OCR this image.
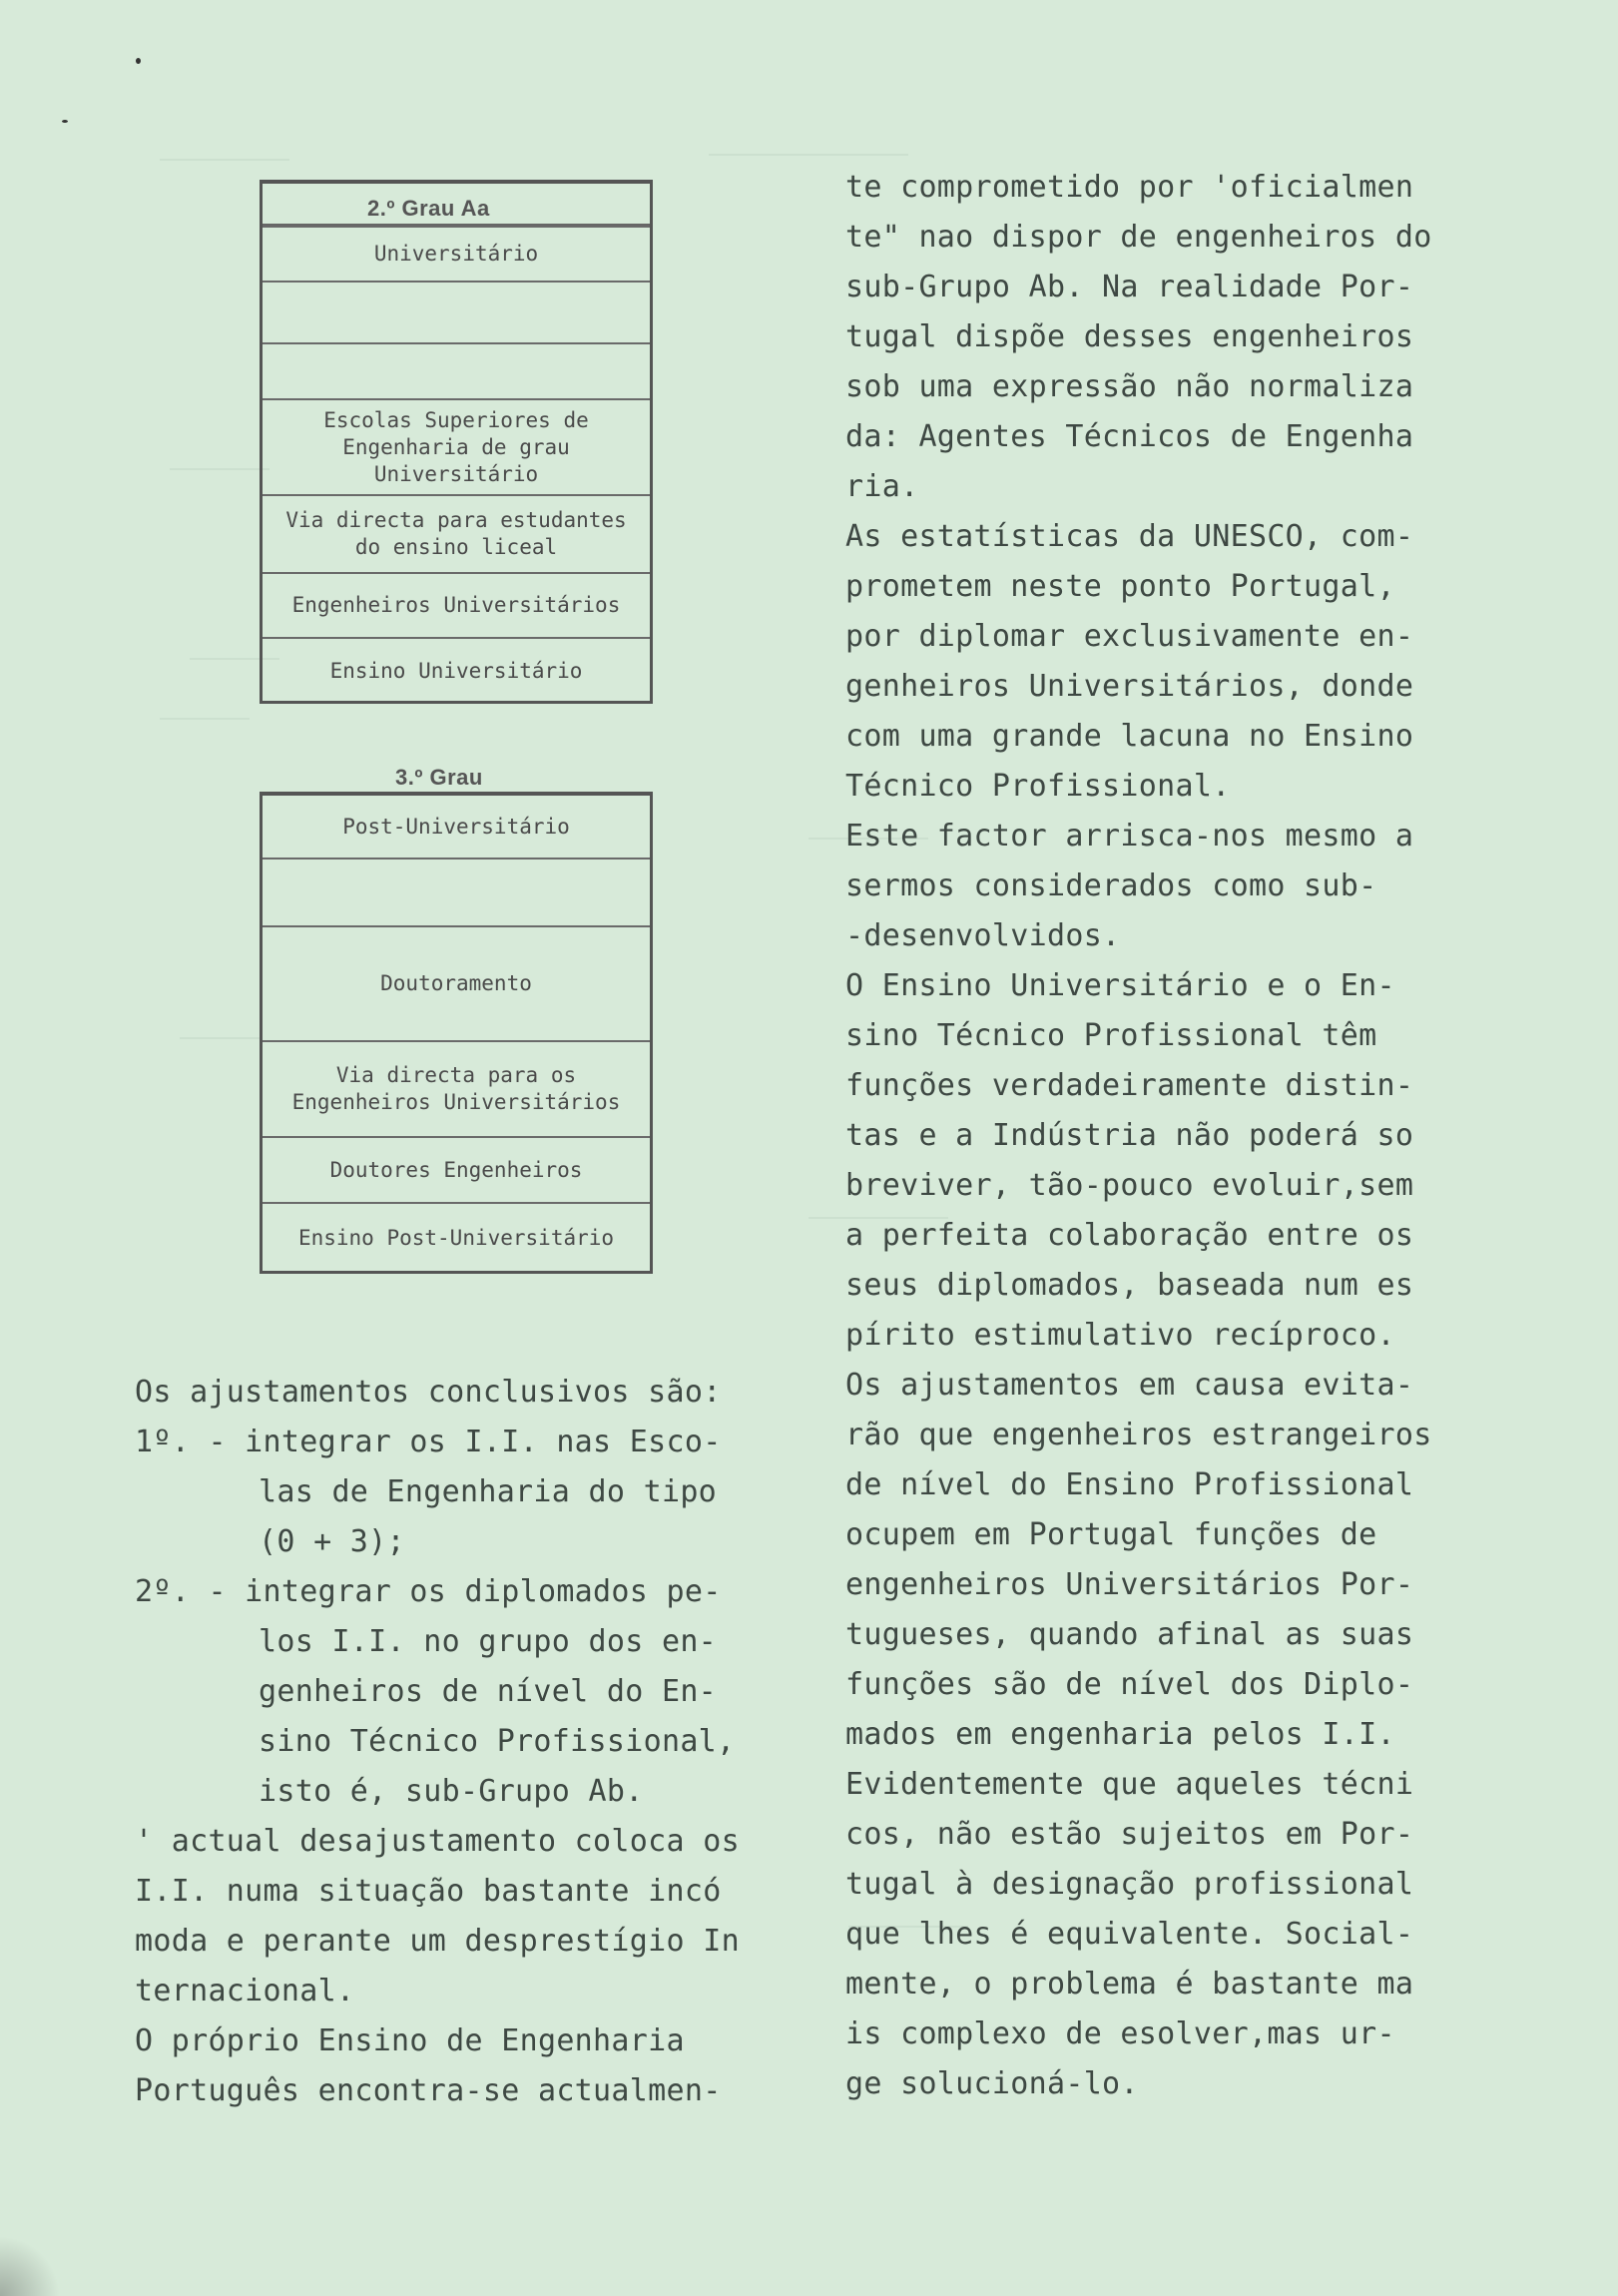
2.º Grau Aa
Universitário
Escolas Superiores de Engenharia de grau Universitário
Via directa para estudantes do ensino liceal
Engenheiros Universitários
Ensino Universitário
3.º Grau
Post-Universitário
Doutoramento
Via directa para os Engenheiros Universitários
Doutores Engenheiros
Ensino Post-Universitário
Os ajustamentos conclusivos são:
1º. - integrar os I.I. nas Esco-
las de Engenharia do tipo
(0 + 3);
2º. - integrar os diplomados pe-
los I.I. no grupo dos en-
genheiros de nível do En-
sino Técnico Profissional,
isto é, sub-Grupo Ab.
' actual desajustamento coloca os
I.I. numa situação bastante incó
moda e perante um desprestígio In
ternacional.
O próprio Ensino de Engenharia
Português encontra-se actualmen-
te comprometido por 'oficialmen
te" nao dispor de engenheiros do
sub-Grupo Ab. Na realidade Por-
tugal dispõe desses engenheiros
sob uma expressão não normaliza
da: Agentes Técnicos de Engenha
ria.
As estatísticas da UNESCO, com-
prometem neste ponto Portugal,
por diplomar exclusivamente en-
genheiros Universitários, donde
com uma grande lacuna no Ensino
Técnico Profissional.
Este factor arrisca-nos mesmo a
sermos considerados como sub-
-desenvolvidos.
O Ensino Universitário e o En-
sino Técnico Profissional têm
funções verdadeiramente distin-
tas e a Indústria não poderá so
breviver, tão-pouco evoluir,sem
a perfeita colaboração entre os
seus diplomados, baseada num es
pírito estimulativo recíproco.
Os ajustamentos em causa evita-
rão que engenheiros estrangeiros
de nível do Ensino Profissional
ocupem em Portugal funções de
engenheiros Universitários Por-
tugueses, quando afinal as suas
funções são de nível dos Diplo-
mados em engenharia pelos I.I.
Evidentemente que aqueles técni
cos, não estão sujeitos em Por-
tugal à designação profissional
que lhes é equivalente. Social-
mente, o problema é bastante ma
is complexo de esolver,mas ur-
ge solucioná-lo.
